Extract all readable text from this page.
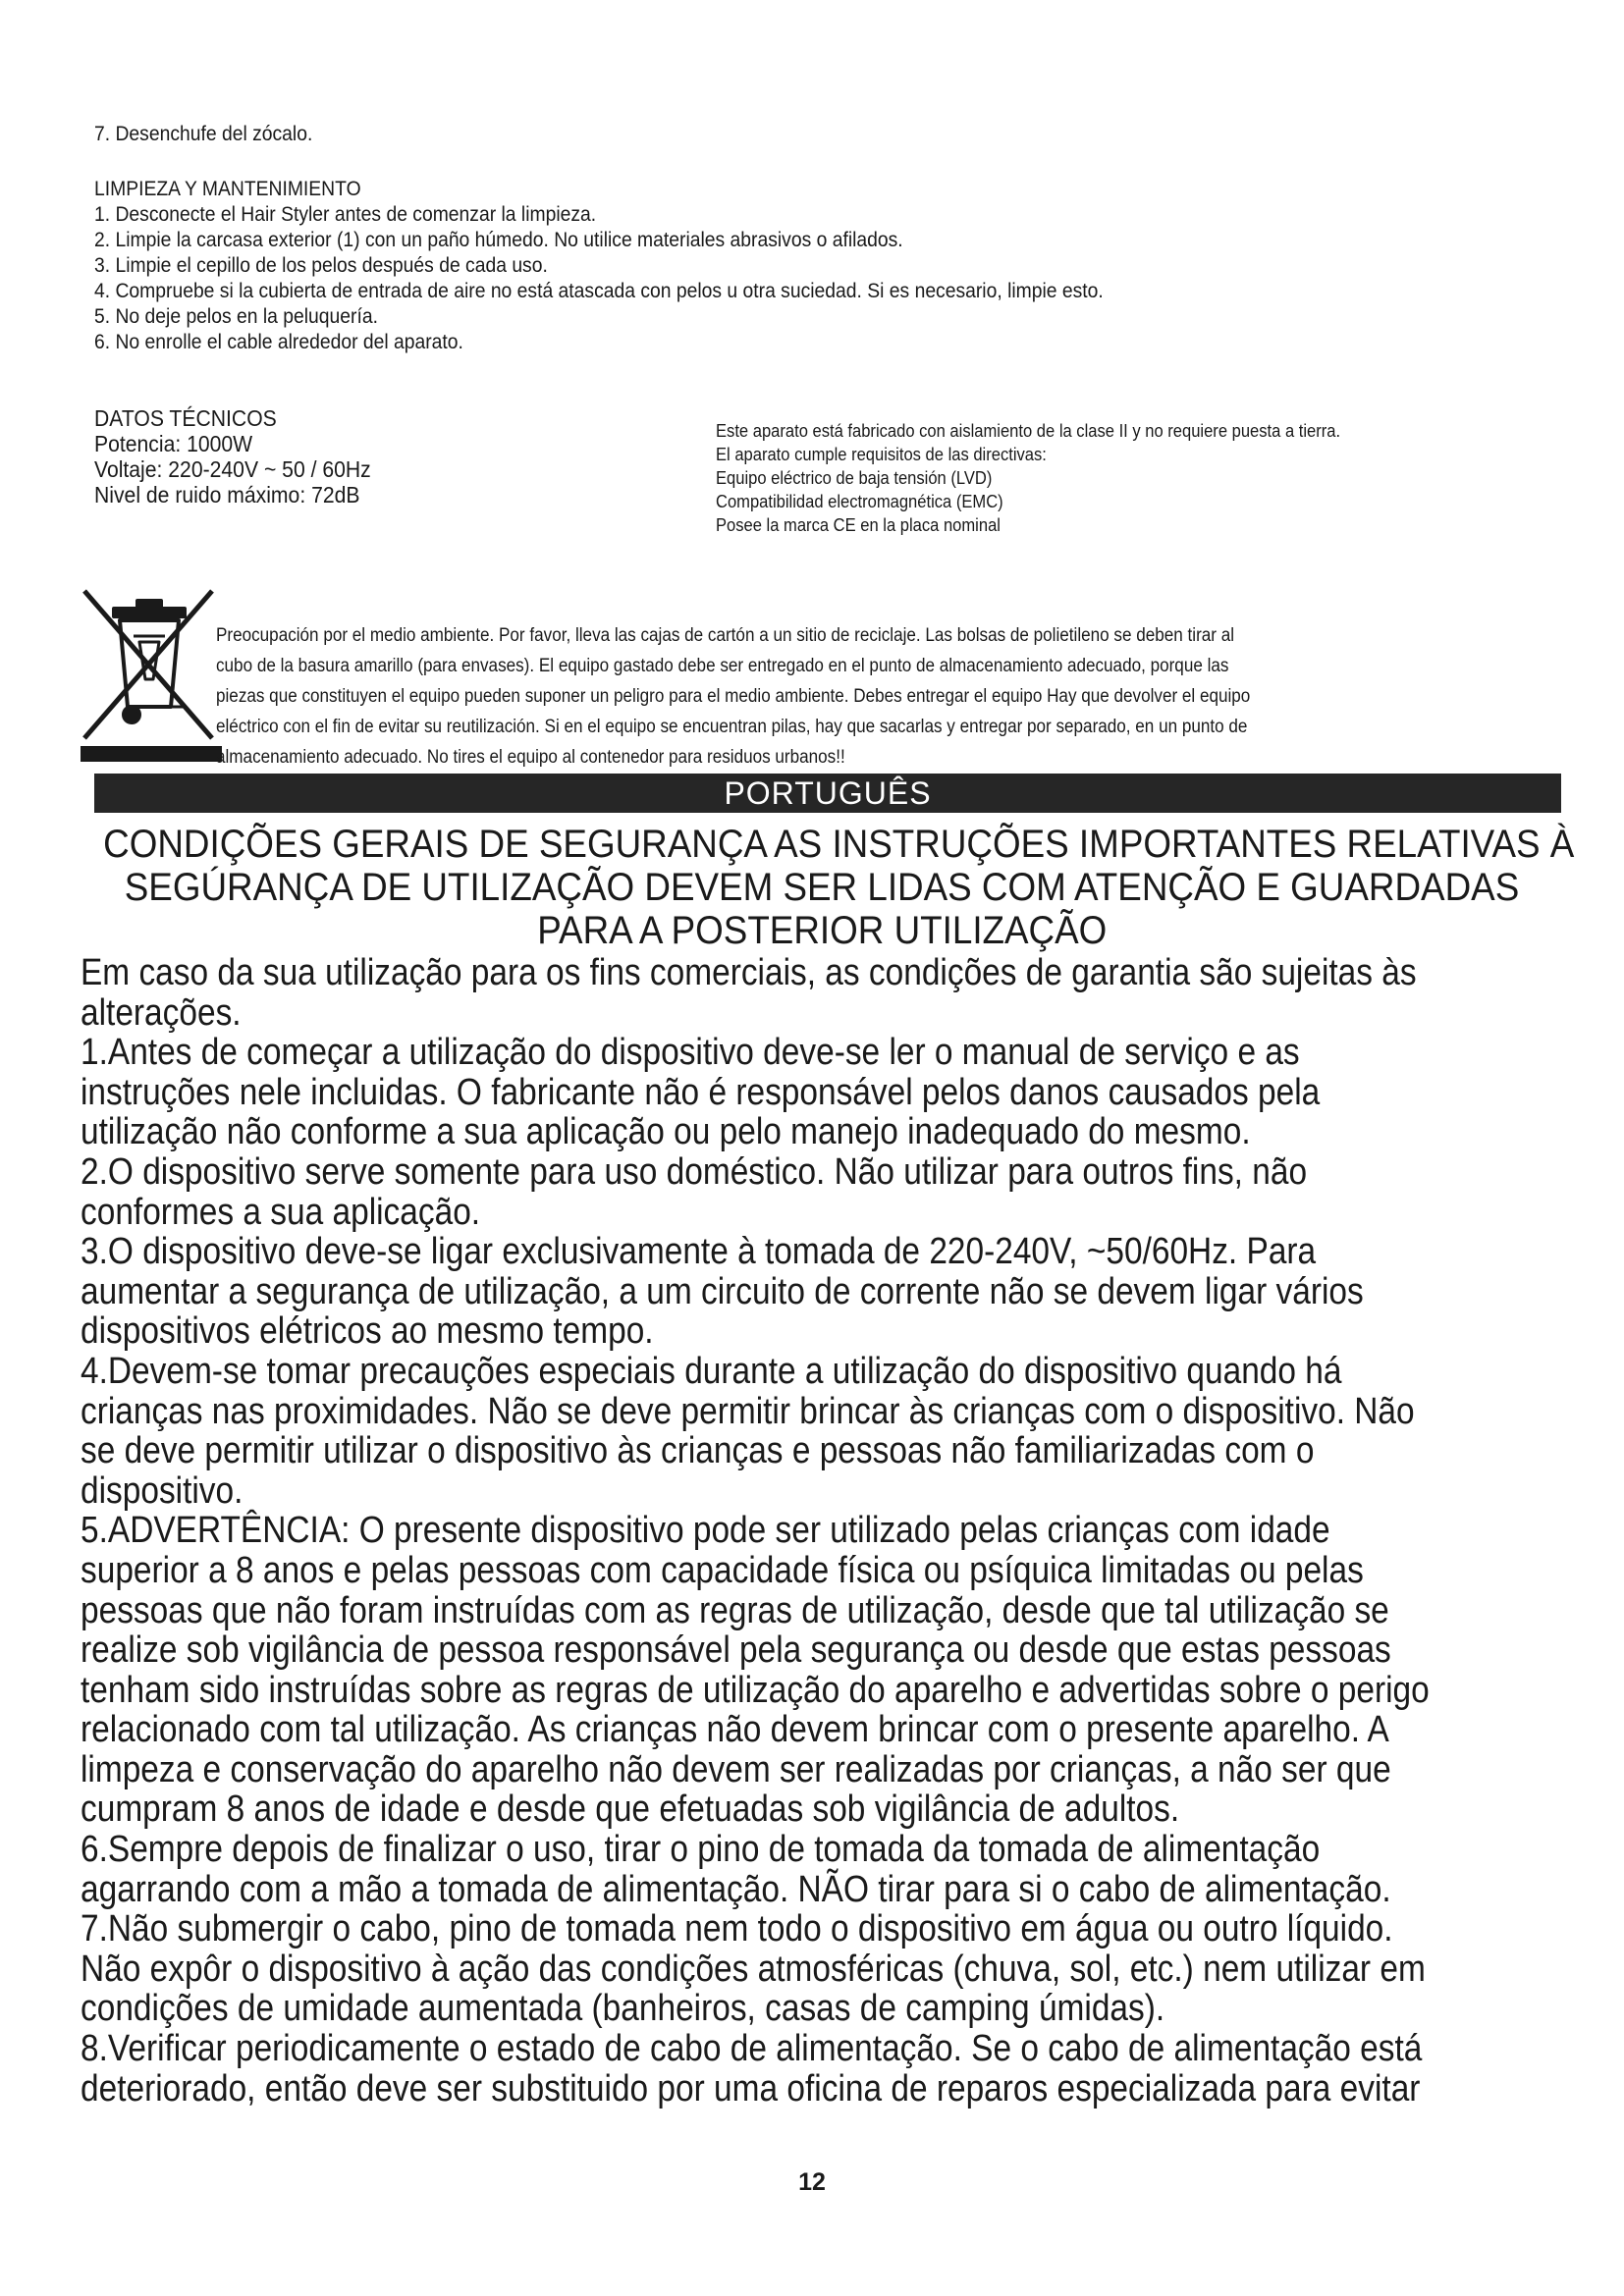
7. Desenchufe del zócalo.
LIMPIEZA Y MANTENIMIENTO
1. Desconecte el Hair Styler antes de comenzar la limpieza.
2. Limpie la carcasa exterior (1) con un paño húmedo. No utilice materiales abrasivos o afilados.
3. Limpie el cepillo de los pelos después de cada uso.
4. Compruebe si la cubierta de entrada de aire no está atascada con pelos u otra suciedad. Si es necesario, limpie esto.
5. No deje pelos en la peluquería.
6. No enrolle el cable alrededor del aparato.
DATOS TÉCNICOS
Potencia: 1000W
Voltaje: 220-240V ~ 50 / 60Hz
Nivel de ruido máximo: 72dB
Este aparato está fabricado con aislamiento de la clase II y no requiere puesta a tierra.
El aparato cumple requisitos de las directivas:
Equipo eléctrico de baja tensión (LVD)
Compatibilidad electromagnética (EMC)
Posee la marca CE en la placa nominal
Preocupación por el medio ambiente. Por favor, lleva las cajas de cartón a un sitio de reciclaje. Las bolsas de polietileno se deben tirar al
cubo de la basura amarillo (para envases). El equipo gastado debe ser entregado en el punto de almacenamiento adecuado, porque las
piezas que constituyen el equipo pueden suponer un peligro para el medio ambiente. Debes entregar el equipo Hay que devolver el equipo
eléctrico con el fin de evitar su reutilización. Si en el equipo se encuentran pilas, hay que sacarlas y entregar por separado, en un punto de
almacenamiento adecuado. No tires el equipo al contenedor para residuos urbanos!!
PORTUGUÊS
CONDIÇÕES GERAIS DE SEGURANÇA AS INSTRUÇÕES IMPORTANTES RELATIVAS À
SEGÚRANÇA DE UTILIZAÇÃO DEVEM SER LIDAS COM ATENÇÃO E GUARDADAS
PARA A POSTERIOR UTILIZAÇÃO
Em caso da sua utilização para os fins comerciais, as condições de garantia são sujeitas às
alterações.
1.Antes de começar a utilização do dispositivo deve-se ler o manual de serviço e as
instruções nele incluidas. O fabricante não é responsável pelos danos causados pela
utilização não conforme a sua aplicação ou pelo manejo inadequado do mesmo.
2.O dispositivo serve somente para uso doméstico. Não utilizar para outros fins, não
conformes a sua aplicação.
3.O dispositivo deve-se ligar exclusivamente à tomada de 220-240V, ~50/60Hz. Para
aumentar a segurança de utilização, a um circuito de corrente não se devem ligar vários
dispositivos elétricos ao mesmo tempo.
4.Devem-se tomar precauções especiais durante a utilização do dispositivo quando há
crianças nas proximidades. Não se deve permitir brincar às crianças com o dispositivo. Não
se deve permitir utilizar o dispositivo às crianças e pessoas não familiarizadas com o
dispositivo.
5.ADVERTÊNCIA: O presente dispositivo pode ser utilizado pelas crianças com idade
superior a 8 anos e pelas pessoas com capacidade física ou psíquica limitadas ou pelas
pessoas que não foram instruídas com as regras de utilização, desde que tal utilização se
realize sob vigilância de pessoa responsável pela segurança ou desde que estas pessoas
tenham sido instruídas sobre as regras de utilização do aparelho e advertidas sobre o perigo
relacionado com tal utilização. As crianças não devem brincar com o presente aparelho. A
limpeza e conservação do aparelho não devem ser realizadas por crianças, a não ser que
cumpram 8 anos de idade e desde que efetuadas sob vigilância de adultos.
6.Sempre depois de finalizar o uso, tirar o pino de tomada da tomada de alimentação
agarrando com a mão a tomada de alimentação. NÃO tirar para si o cabo de alimentação.
7.Não submergir o cabo, pino de tomada nem todo o dispositivo em água ou outro líquido.
Não expôr o dispositivo à ação das condições atmosféricas (chuva, sol, etc.) nem utilizar em
condições de umidade aumentada (banheiros, casas de camping úmidas).
8.Verificar periodicamente o estado de cabo de alimentação. Se o cabo de alimentação está
deteriorado, então deve ser substituido por uma oficina de reparos especializada para evitar
12
